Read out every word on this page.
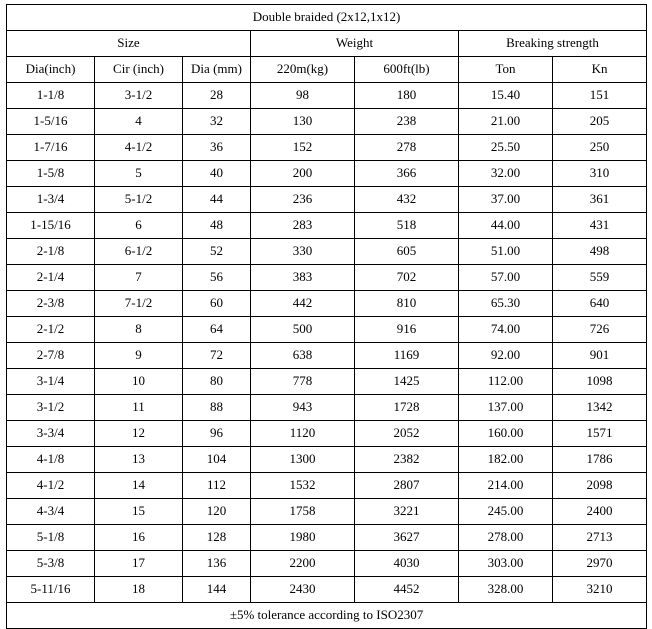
Double braided (2x12,1x12)						
Size			Weight		Breaking strength	
Dia(inch)	Cir (inch)	Dia (mm)	220m(kg)	600ft(lb)	Ton	Kn
1-1/8	3-1/2	28	98	180	15.40	151
1-5/16	4	32	130	238	21.00	205
1-7/16	4-1/2	36	152	278	25.50	250
1-5/8	5	40	200	366	32.00	310
1-3/4	5-1/2	44	236	432	37.00	361
1-15/16	6	48	283	518	44.00	431
2-1/8	6-1/2	52	330	605	51.00	498
2-1/4	7	56	383	702	57.00	559
2-3/8	7-1/2	60	442	810	65.30	640
2-1/2	8	64	500	916	74.00	726
2-7/8	9	72	638	1169	92.00	901
3-1/4	10	80	778	1425	112.00	1098
3-1/2	11	88	943	1728	137.00	1342
3-3/4	12	96	1120	2052	160.00	1571
4-1/8	13	104	1300	2382	182.00	1786
4-1/2	14	112	1532	2807	214.00	2098
4-3/4	15	120	1758	3221	245.00	2400
5-1/8	16	128	1980	3627	278.00	2713
5-3/8	17	136	2200	4030	303.00	2970
5-11/16	18	144	2430	4452	328.00	3210
±5% tolerance according to ISO2307						
